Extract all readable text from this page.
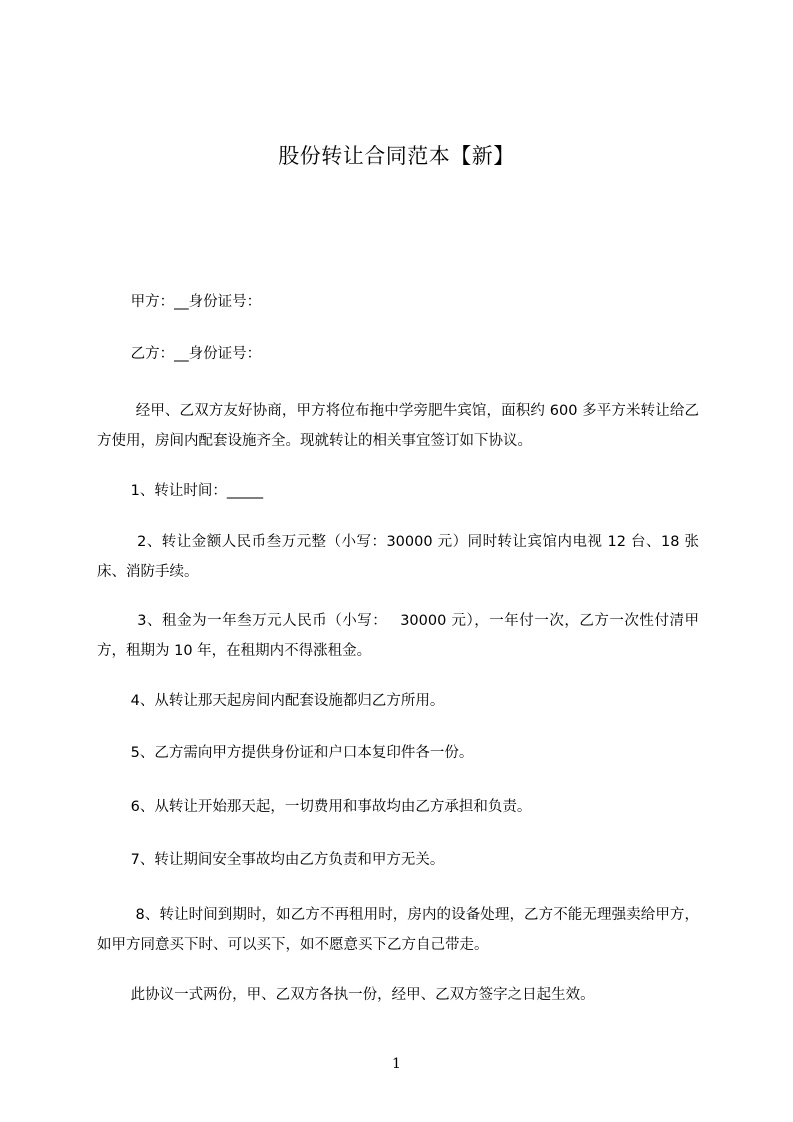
股份转让合同范本【新】
　　 甲方：__身份证号：
　　 乙方：__身份证号：
　　  经甲、乙双方友好协商，甲方将位布拖中学旁肥牛宾馆，面积约 600 多平方米转让给乙方使用，房间内配套设施齐全。现就转让的相关事宜签订如下协议。
　　 1、转让时间：_____
　　  2、转让金额人民币叁万元整（小写：30000 元）同时转让宾馆内电视 12 台、18 张床、消防手续。
　　  3、租金为一年叁万元人民币（小写：　 30000 元），一年付一次，乙方一次性付清甲方，租期为 10 年，在租期内不得涨租金。
　　 4、从转让那天起房间内配套设施都归乙方所用。
　　 5、乙方需向甲方提供身份证和户口本复印件各一份。
　　 6、从转让开始那天起，一切费用和事故均由乙方承担和负责。
　　 7、转让期间安全事故均由乙方负责和甲方无关。
　　  8、转让时间到期时，如乙方不再租用时，房内的设备处理，乙方不能无理强卖给甲方，如甲方同意买下时、可以买下，如不愿意买下乙方自己带走。
　　 此协议一式两份，甲、乙双方各执一份，经甲、乙双方签字之日起生效。
1
